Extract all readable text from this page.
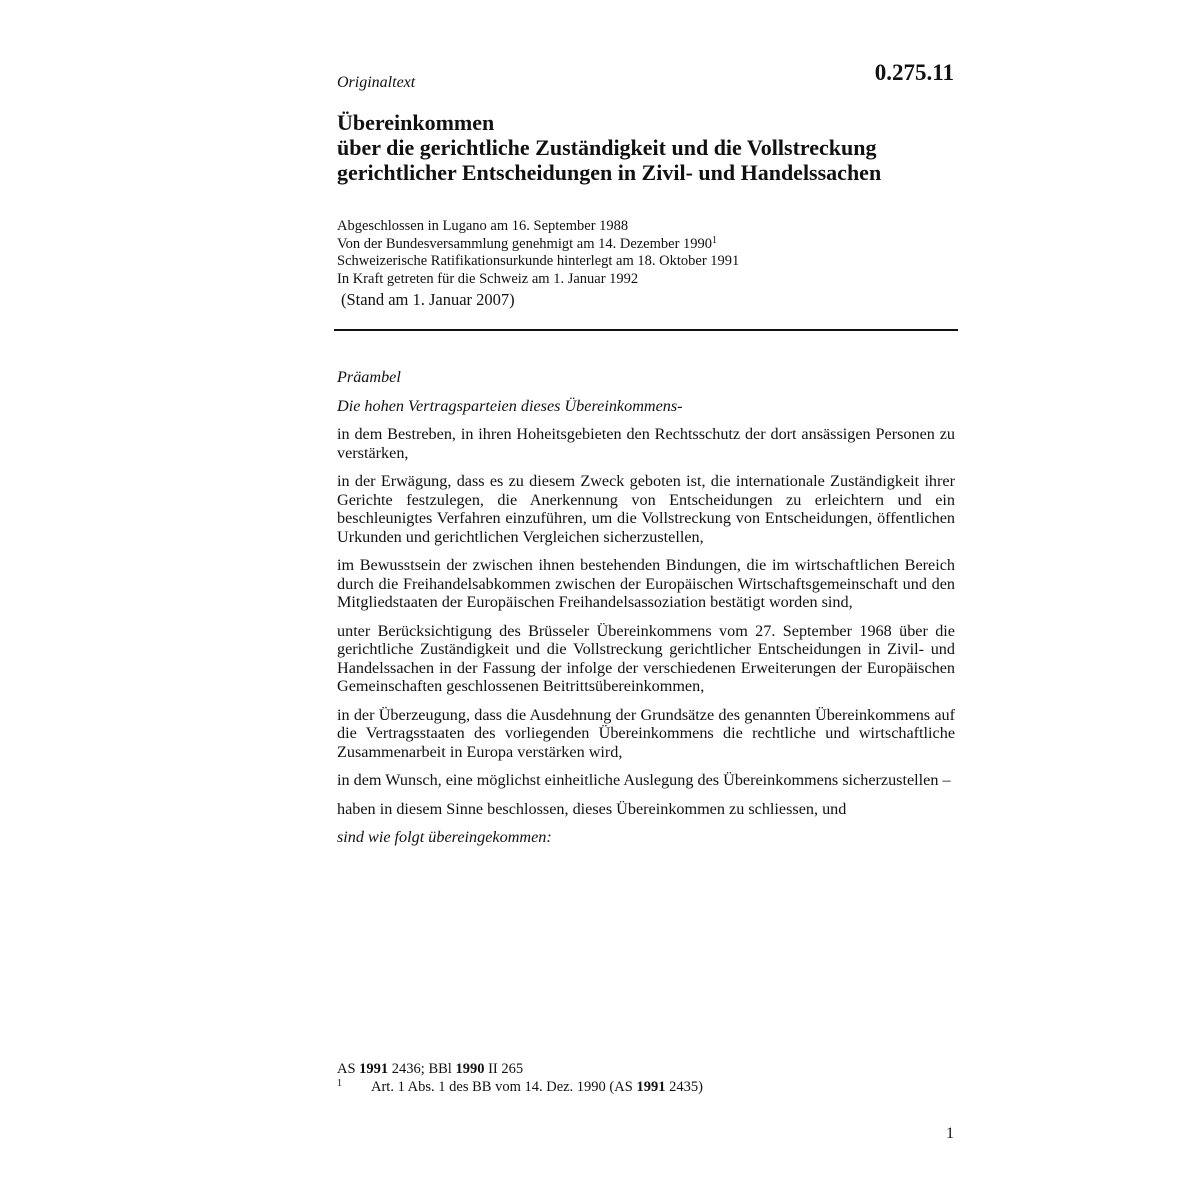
Originaltext	0.275.11

Übereinkommen
über die gerichtliche Zuständigkeit und die Vollstreckung
gerichtlicher Entscheidungen in Zivil- und Handelssachen
Abgeschlossen in Lugano am 16. September 1988
Von der Bundesversammlung genehmigt am 14. Dezember 1990$^1$
Schweizerische Ratifikationsurkunde hinterlegt am 18. Oktober 1991
In Kraft getreten für die Schweiz am 1. Januar 1992

(Stand am 1. Januar 2007)

Präambel

Die hohen Vertragsparteien dieses Übereinkommens-

in dem Bestreben, in ihren Hoheitsgebieten den Rechtsschutz der dort ansässigen Personen zu verstärken,

in der Erwägung, dass es zu diesem Zweck geboten ist, die internationale Zuständigkeit ihrer Gerichte festzulegen, die Anerkennung von Entscheidungen zu erleichtern und ein beschleunigtes Verfahren einzuführen, um die Vollstreckung von Entscheidungen, öffentlichen Urkunden und gerichtlichen Vergleichen sicherzustellen,

im Bewusstsein der zwischen ihnen bestehenden Bindungen, die im wirtschaftlichen Bereich durch die Freihandelsabkommen zwischen der Europäischen Wirtschaftsgemeinschaft und den Mitgliedstaaten der Europäischen Freihandelsassoziation bestätigt worden sind,

unter Berücksichtigung des Brüsseler Übereinkommens vom 27. September 1968 über die gerichtliche Zuständigkeit und die Vollstreckung gerichtlicher Entscheidungen in Zivil- und Handelssachen in der Fassung der infolge der verschiedenen Erweiterungen der Europäischen Gemeinschaften geschlossenen Beitrittsübereinkommen,

in der Überzeugung, dass die Ausdehnung der Grundsätze des genannten Übereinkommens auf die Vertragsstaaten des vorliegenden Übereinkommens die rechtliche und wirtschaftliche Zusammenarbeit in Europa verstärken wird,

in dem Wunsch, eine möglichst einheitliche Auslegung des Übereinkommens sicherzustellen –

haben in diesem Sinne beschlossen, dieses Übereinkommen zu schliessen, und

sind wie folgt übereingekommen:

AS 1991 2436; BBl 1990 II 265
1 Art. 1 Abs. 1 des BB vom 14. Dez. 1990 (AS 1991 2435)

1
